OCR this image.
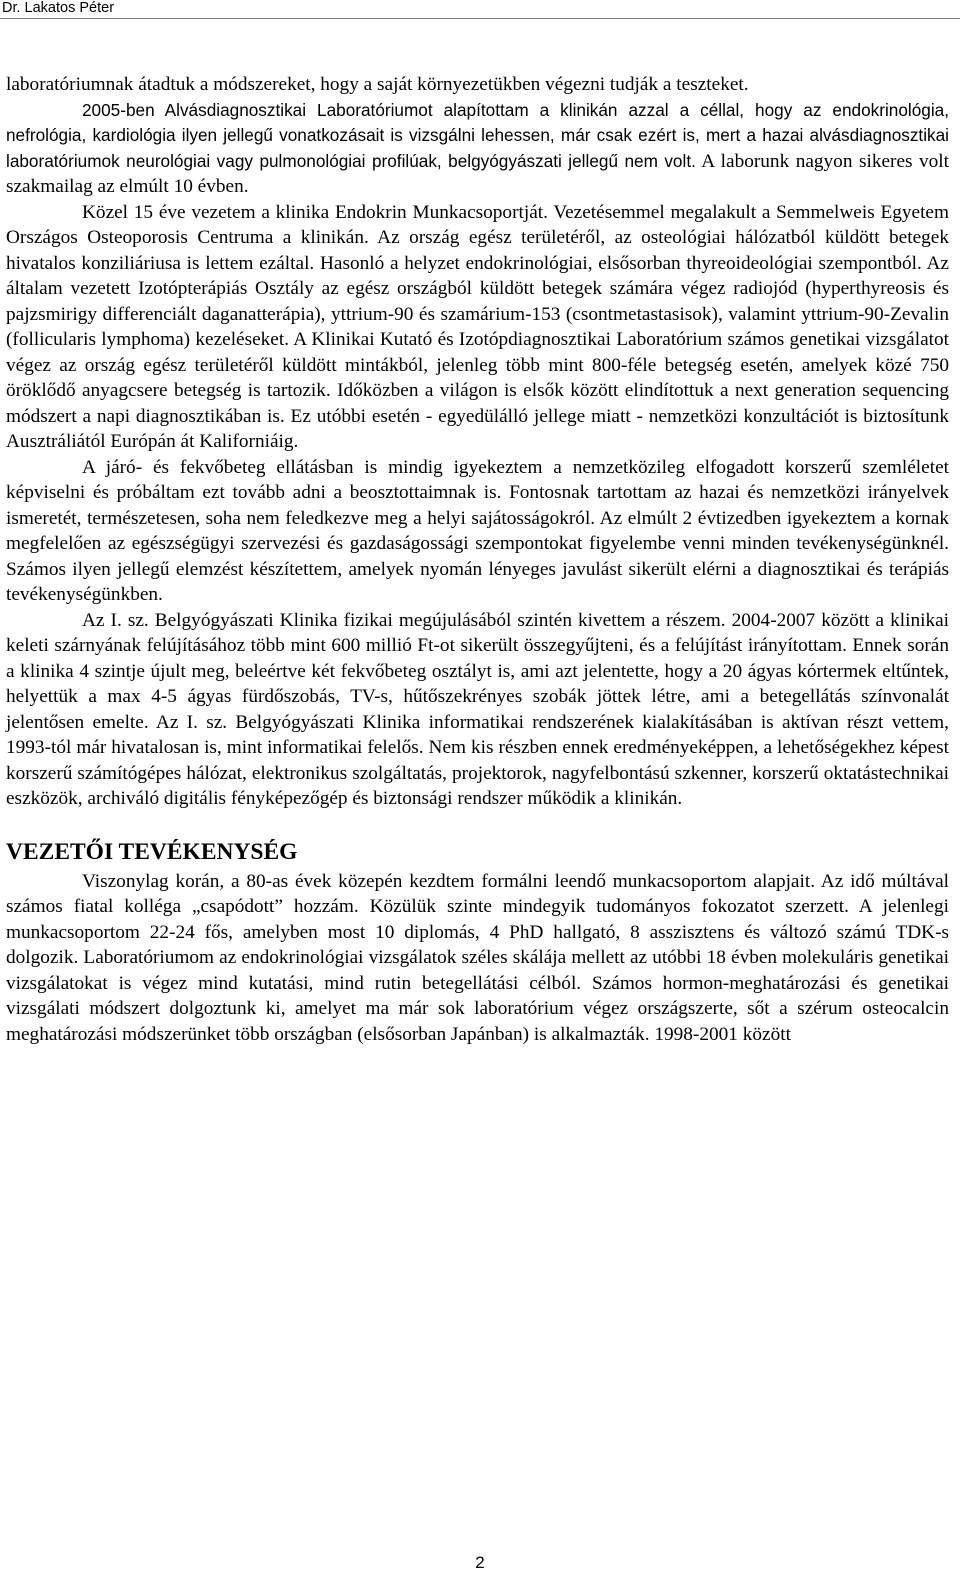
Dr. Lakatos Péter

laboratóriumnak átadtuk a módszereket, hogy a saját környezetükben végezni tudják a teszteket.

2005-ben Alvásdiagnosztikai Laboratóriumot alapítottam a klinikán azzal a céllal, hogy az endokrinológia, nefrológia, kardiológia ilyen jellegű vonatkozásait is vizsgálni lehessen, már csak ezért is, mert a hazai alvásdiagnosztikai laboratóriumok neurológiai vagy pulmonológiai profilúak, belgyógyászati jellegű nem volt. A laborunk nagyon sikeres volt szakmailag az elmúlt 10 évben.

Közel 15 éve vezetem a klinika Endokrin Munkacsoportját. Vezetésemmel megalakult a Semmelweis Egyetem Országos Osteoporosis Centruma a klinikán. Az ország egész területéről, az osteológiai hálózatból küldött betegek hivatalos konziliáriusa is lettem ezáltal. Hasonló a helyzet endokrinológiai, elsősorban thyreoideológiai szempontból. Az általam vezetett Izotópterápiás Osztály az egész országból küldött betegek számára végez radiojód (hyperthyreosis és pajzsmirigy differenciált daganatterápia), yttrium-90 és szamárium-153 (csontmetastasisok), valamint yttrium-90-Zevalin (follicularis lymphoma) kezeléseket. A Klinikai Kutató és Izotópdiagnosztikai Laboratórium számos genetikai vizsgálatot végez az ország egész területéről küldött mintákból, jelenleg több mint 800-féle betegség esetén, amelyek közé 750 öröklődő anyagcsere betegség is tartozik. Időközben a világon is elsők között elindítottuk a next generation sequencing módszert a napi diagnosztikában is. Ez utóbbi esetén - egyedülálló jellege miatt - nemzetközi konzultációt is biztosítunk Ausztráliától Európán át Kaliforniáig.

A járó- és fekvőbeteg ellátásban is mindig igyekeztem a nemzetközileg elfogadott korszerű szemléletet képviselni és próbáltam ezt tovább adni a beosztottaimnak is. Fontosnak tartottam az hazai és nemzetközi irányelvek ismeretét, természetesen, soha nem feledkezve meg a helyi sajátosságokról. Az elmúlt 2 évtizedben igyekeztem a kornak megfelelően az egészségügyi szervezési és gazdaságossági szempontokat figyelembe venni minden tevékenységünknél. Számos ilyen jellegű elemzést készítettem, amelyek nyomán lényeges javulást sikerült elérni a diagnosztikai és terápiás tevékenységünkben.

Az I. sz. Belgyógyászati Klinika fizikai megújulásából szintén kivettem a részem. 2004-2007 között a klinikai keleti szárnyának felújításához több mint 600 millió Ft-ot sikerült összegyűjteni, és a felújítást irányítottam. Ennek során a klinika 4 szintje újult meg, beleértve két fekvőbeteg osztályt is, ami azt jelentette, hogy a 20 ágyas kórtermek eltűntek, helyettük a max 4-5 ágyas fürdőszobás, TV-s, hűtőszekrényes szobák jöttek létre, ami a betegellátás színvonalát jelentősen emelte. Az I. sz. Belgyógyászati Klinika informatikai rendszerének kialakításában is aktívan részt vettem, 1993-tól már hivatalosan is, mint informatikai felelős. Nem kis részben ennek eredményeképpen, a lehetőségekhez képest korszerű számítógépes hálózat, elektronikus szolgáltatás, projektorok, nagyfelbontású szkenner, korszerű oktatástechnikai eszközök, archiváló digitális fényképezőgép és biztonsági rendszer működik a klinikán.

VEZETŐI TEVÉKENYSÉG

Viszonylag korán, a 80-as évek közepén kezdtem formálni leendő munkacsoportom alapjait. Az idő múltával számos fiatal kolléga „csapódott” hozzám. Közülük szinte mindegyik tudományos fokozatot szerzett. A jelenlegi munkacsoportom 22-24 fős, amelyben most 10 diplomás, 4 PhD hallgató, 8 asszisztens és változó számú TDK-s dolgozik. Laboratóriumom az endokrinológiai vizsgálatok széles skálája mellett az utóbbi 18 évben molekuláris genetikai vizsgálatokat is végez mind kutatási, mind rutin betegellátási célból. Számos hormon-meghatározási és genetikai vizsgálati módszert dolgoztunk ki, amelyet ma már sok laboratórium végez országszerte, sőt a szérum osteocalcin meghatározási módszerünket több országban (elsősorban Japánban) is alkalmazták. 1998-2001 között

2
